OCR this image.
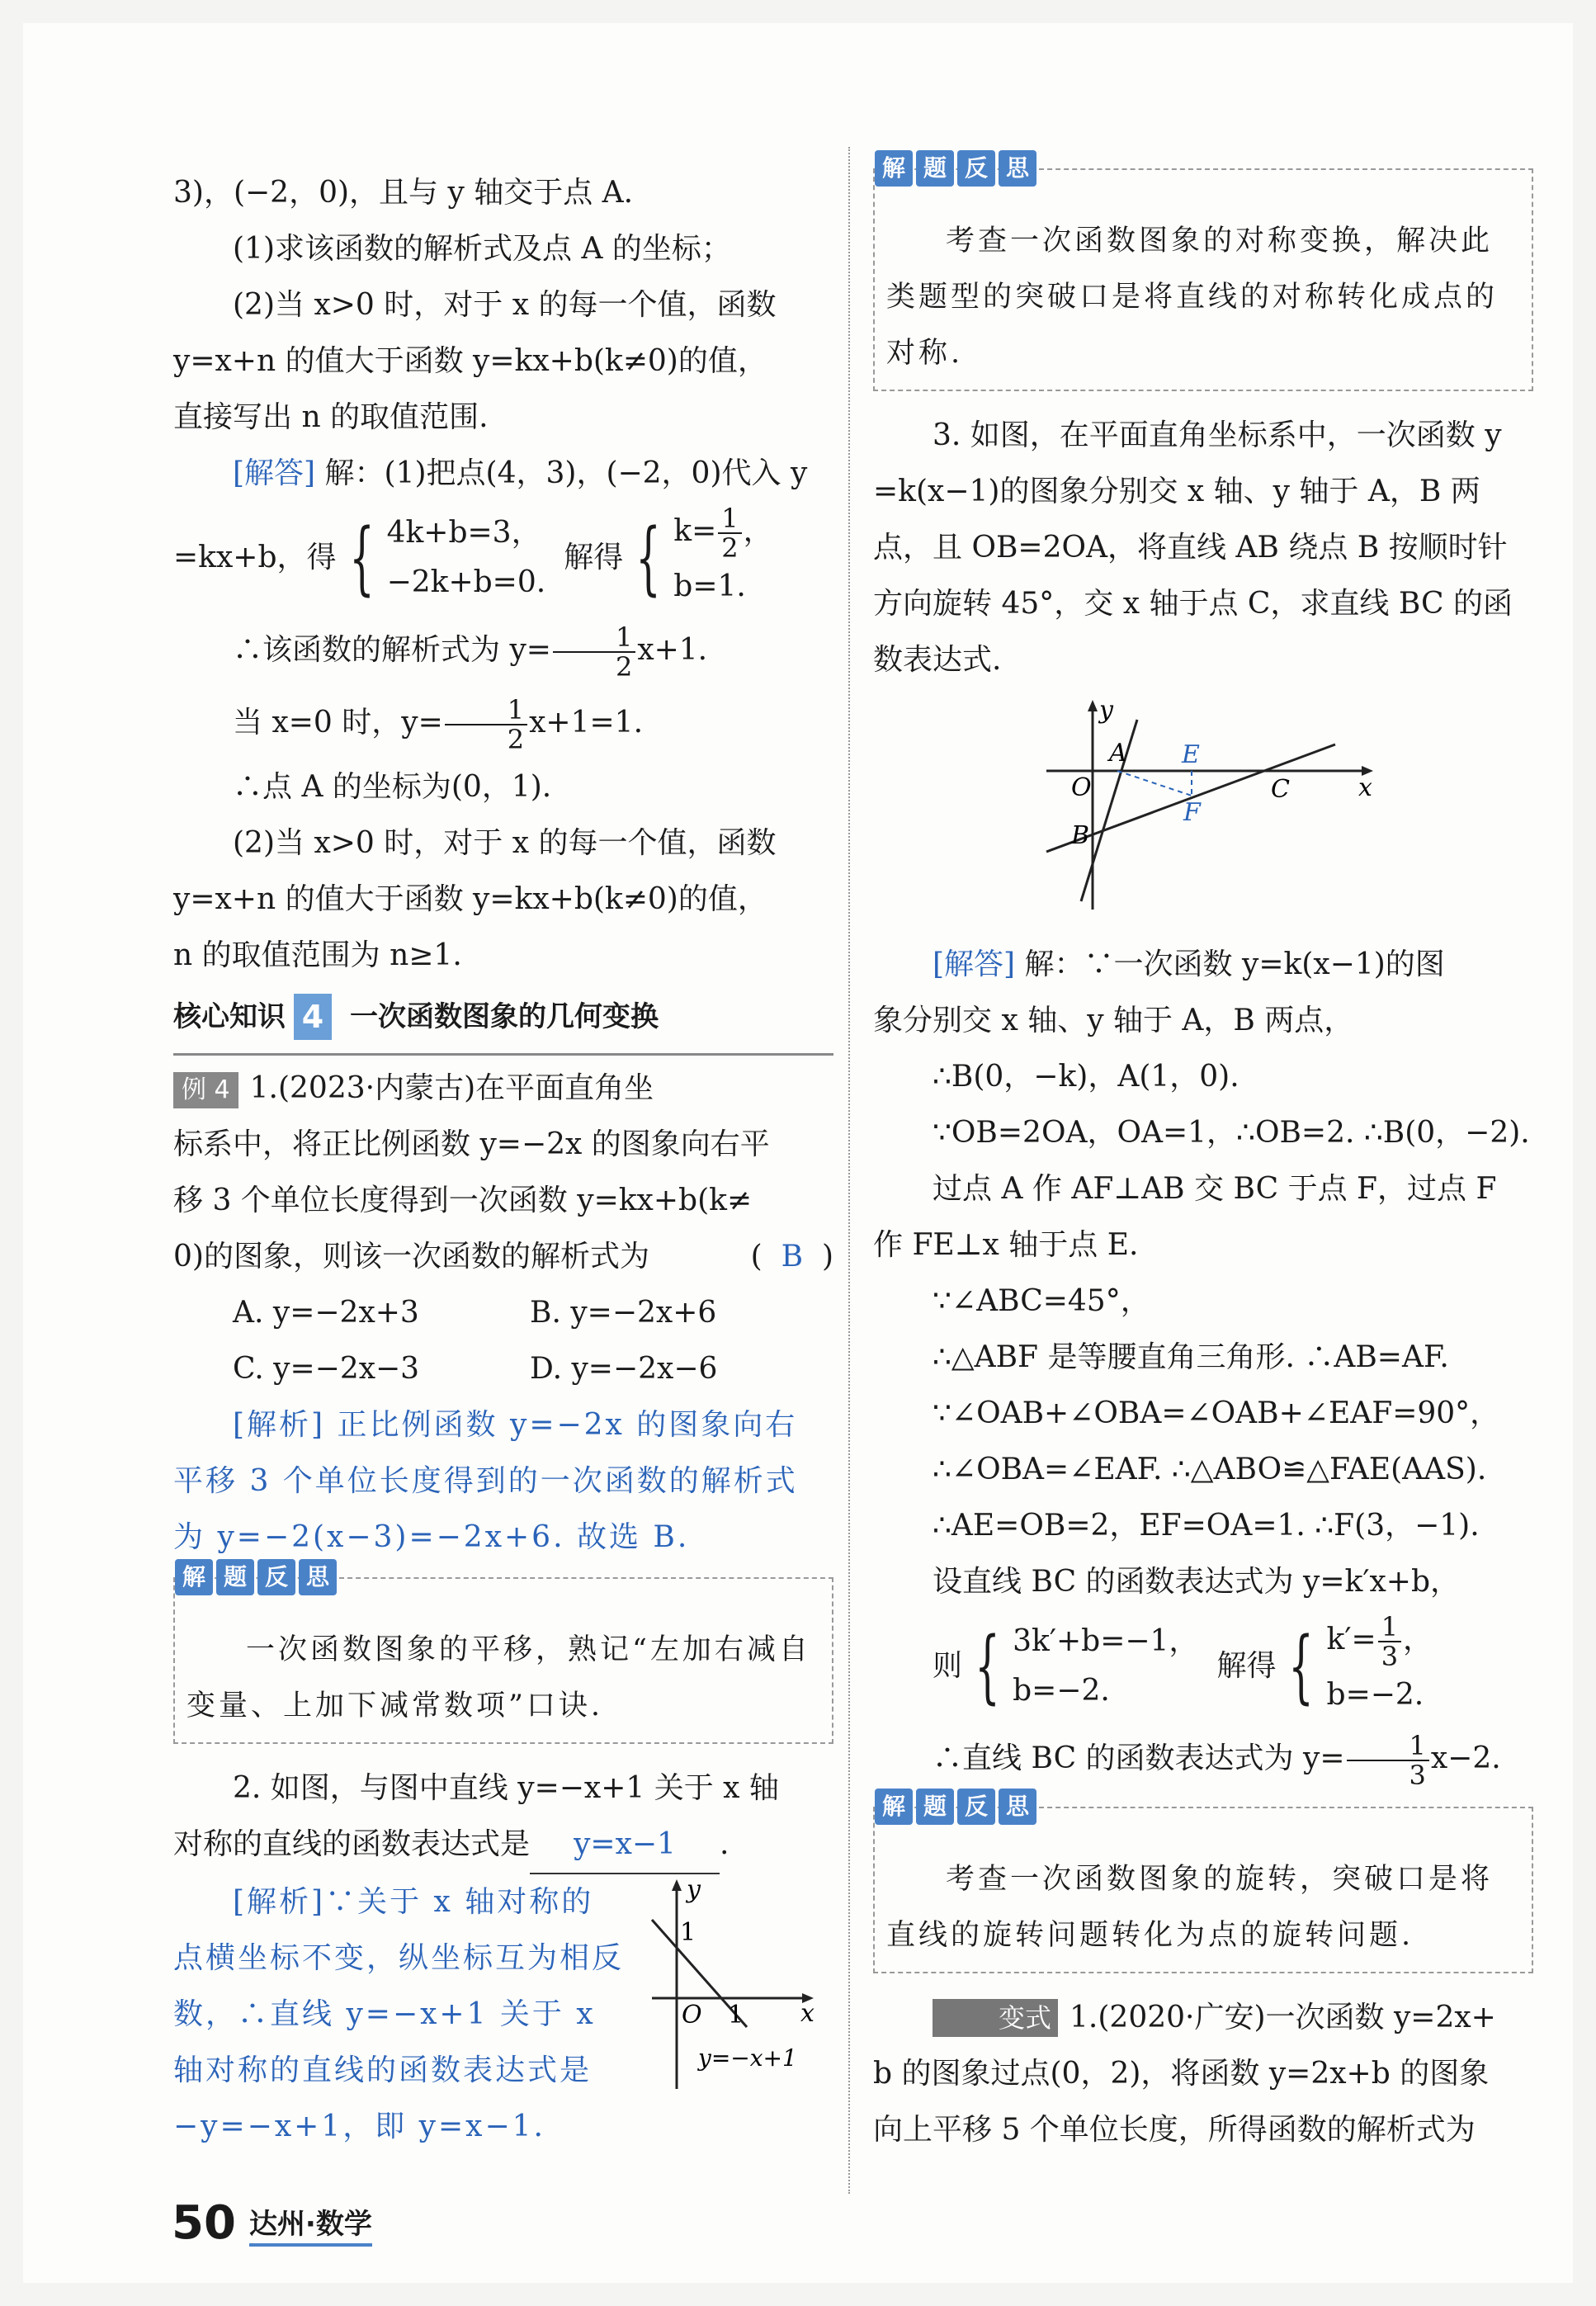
3)，(−2，0)，且与 y 轴交于点 A.

(1)求该函数的解析式及点 A 的坐标；

(2)当 x>0 时，对于 x 的每一个值，函数

y=x+n 的值大于函数 y=kx+b(k≠0)的值，

直接写出 n 的取值范围.

[解答] 解：(1)把点(4，3)，(−2，0)代入 y

=kx+b，得 { 4k+b=3，
−2k+b=0.
解得 { $k= \frac{1}{2}$ ，
b=1.

∴该函数的解析式为 $y= \frac{1}{2} x+1$.

当 x=0 时，$y= \frac{1}{2} x+1=1$.

∴点 A 的坐标为(0，1).

(2)当 x>0 时，对于 x 的每一个值，函数

y=x+n 的值大于函数 y=kx+b(k≠0)的值，

n 的取值范围为 n≥1.

核心知识 4 一次函数图象的几何变换

例 4 1.(2023·内蒙古)在平面直角坐

标系中，将正比例函数 y=−2x 的图象向右平

移 3 个单位长度得到一次函数 y=kx+b(k≠

0)的图象，则该一次函数的解析式为	(  B  )

A. y=−2x+3	B. y=−2x+6
C. y=−2x−3	D. y=−2x−6

[解析] 正比例函数 y=−2x 的图象向右

平移 3 个单位长度得到的一次函数的解析式

为 y=−2(x−3)=−2x+6. 故选 B.

解 题 反 思

一次函数图象的平移，熟记“左加右减自

变量、上加下减常数项”口诀.

2. 如图，与图中直线 y=−x+1 关于 x 轴

对称的直线的函数表达式是 y=x−1 .

[解析]∵关于 x 轴对称的

点横坐标不变，纵坐标互为相反

数，∴直线 y=−x+1 关于 x

轴对称的直线的函数表达式是

−y=−x+1，即 y=x−1.

y
x
O
1
1
y=−x+1
解 题 反 思

考查一次函数图象的对称变换，解决此

类题型的突破口是将直线的对称转化成点的

对称.

3. 如图，在平面直角坐标系中，一次函数 y

=k(x−1)的图象分别交 x 轴、y 轴于 A，B 两

点，且 OB=2OA，将直线 AB 绕点 B 按顺时针

方向旋转 45°，交 x 轴于点 C，求直线 BC 的函

数表达式.

y
x
O
A
B
C
E
F

[解答] 解：∵一次函数 y=k(x−1)的图

象分别交 x 轴、y 轴于 A，B 两点，

∴B(0，−k)，A(1，0).

∵OB=2OA，OA=1，∴OB=2. ∴B(0，−2).

过点 A 作 AF⊥AB 交 BC 于点 F，过点 F

作 FE⊥x 轴于点 E.

∵∠ABC=45°，

∴△ABF 是等腰直角三角形. ∴AB=AF.

∵∠OAB+∠OBA=∠OAB+∠EAF=90°，

∴∠OBA=∠EAF. ∴△ABO≌△FAE(AAS).

∴AE=OB=2，EF=OA=1. ∴F(3，−1).

设直线 BC 的函数表达式为 y=k′x+b，

则 { 3k′+b=−1，
b=−2.
解得 { $k'= \frac{1}{3}$ ，
b=−2.

∴直线 BC 的函数表达式为 $y= \frac{1}{3} x-2$.

解 题 反 思

考查一次函数图象的旋转，突破口是将

直线的旋转问题转化为点的旋转问题.

变式 1.(2020·广安)一次函数 y=2x+

b 的图象过点(0，2)，将函数 y=2x+b 的图象

向上平移 5 个单位长度，所得函数的解析式为

50 达州·数学
